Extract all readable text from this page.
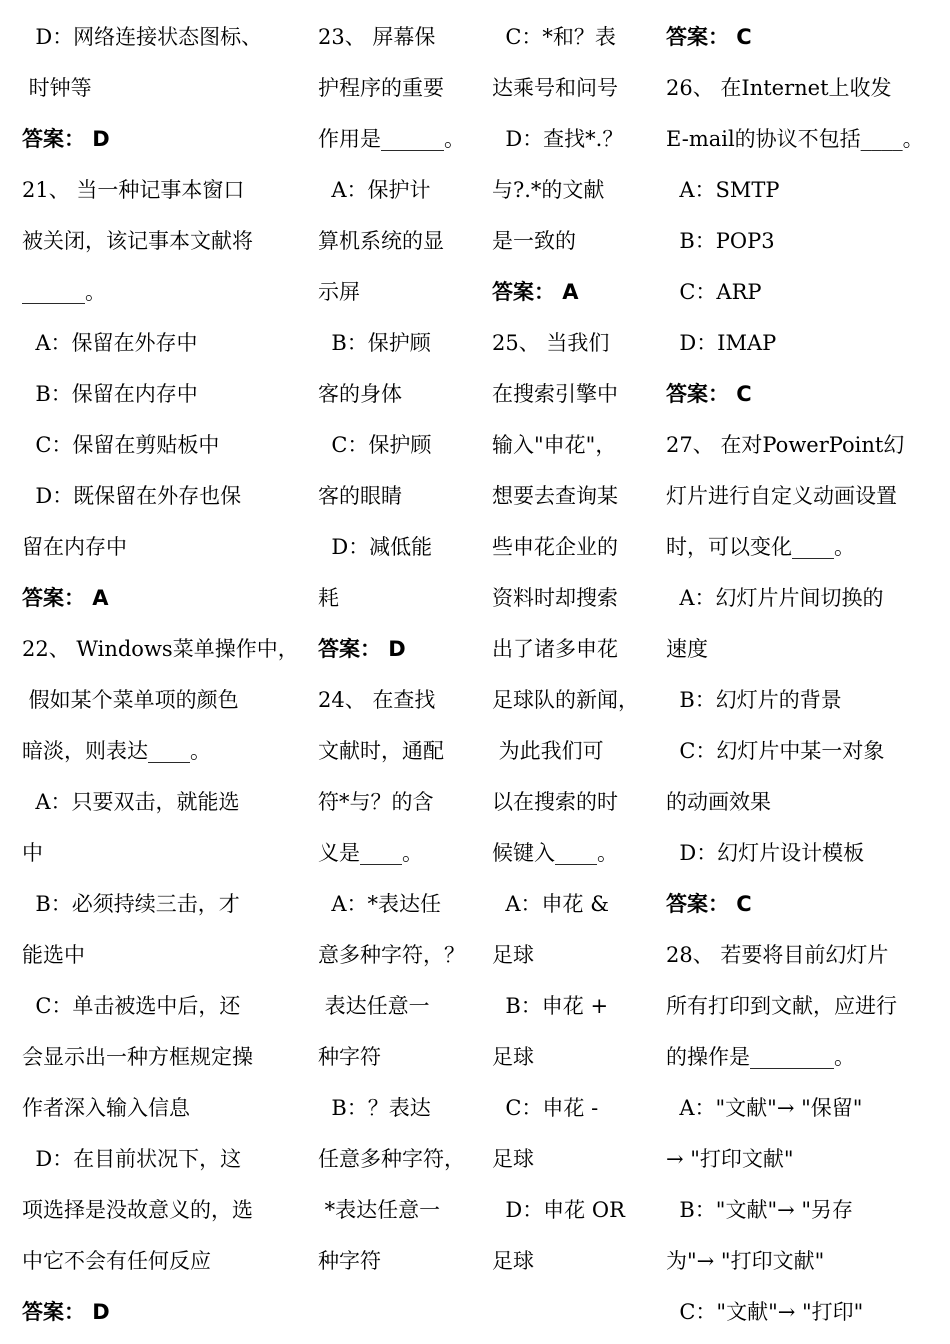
D：网络连接状态图标、
时钟等
答案： D
21、 当一种记事本窗口
被关闭，该记事本文献将
______。
A：保留在外存中
B：保留在内存中
C：保留在剪贴板中
D：既保留在外存也保
留在内存中
答案： A
22、 Windows菜单操作中，
假如某个菜单项的颜色
暗淡，则表达____。
A：只要双击，就能选
中
B：必须持续三击，才
能选中
C：单击被选中后，还
会显示出一种方框规定操
作者深入输入信息
D：在目前状况下，这
项选择是没故意义的，选
中它不会有任何反应
答案： D
23、 屏幕保
护程序的重要
作用是______。
A：保护计
算机系统的显
示屏
B：保护顾
客的身体
C：保护顾
客的眼睛
D：减低能
耗
答案： D
24、 在查找
文献时，通配
符*与？的含
义是____。
A：*表达任
意多种字符，？
表达任意一
种字符
B：？表达
任意多种字符，
*表达任意一
种字符
C：*和？表
达乘号和问号
D：查找*.？
与?.*的文献
是一致的
答案： A
25、 当我们
在搜索引擎中
输入"申花"，
想要去查询某
些申花企业的
资料时却搜索
出了诸多申花
足球队的新闻，
为此我们可
以在搜索的时
候键入____。
A：申花 &
足球
B：申花 +
足球
C：申花 -
足球
D：申花 OR
足球
答案： C
26、 在Internet上收发
E-mail的协议不包括____。
A：SMTP
B：POP3
C：ARP
D：IMAP
答案： C
27、 在对PowerPoint幻
灯片进行自定义动画设置
时，可以变化____。
A：幻灯片片间切换的
速度
B：幻灯片的背景
C：幻灯片中某一对象
的动画效果
D：幻灯片设计模板
答案： C
28、 若要将目前幻灯片
所有打印到文献，应进行
的操作是________。
A："文献"→ "保留"
→ "打印文献"
B："文献"→ "另存
为"→ "打印文献"
C："文献"→ "打印"
